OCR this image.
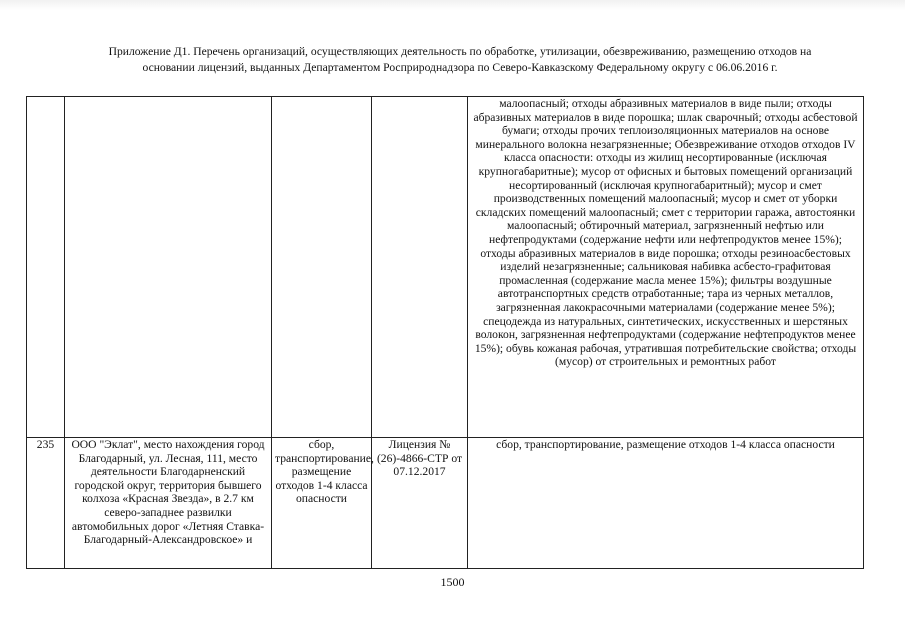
Приложение Д1. Перечень организаций, осуществляющих деятельность по обработке, утилизации, обезвреживанию, размещению отходов на
основании лицензий, выданных Департаментом Росприроднадзора по Северо-Кавказскому Федеральному округу с 06.06.2016 г.
				малоопасный; отходы абразивных материалов в виде пыли; отходы абразивных материалов в виде порошка; шлак сварочный; отходы асбестовой бумаги; отходы прочих теплоизоляционных материалов на основе минерального волокна незагрязненные; Обезвреживание отходов отходов IV класса опасности: отходы из жилищ несортированные (исключая крупногабаритные); мусор от офисных и бытовых помещений организаций несортированный (исключая крупногабаритный); мусор и смет производственных помещений малоопасный; мусор и смет от уборки складских помещений малоопасный; смет с территории гаража, автостоянки малоопасный; обтирочный материал, загрязненный нефтью или нефтепродуктами (содержание нефти или нефтепродуктов менее 15%); отходы абразивных материалов в виде порошка; отходы резиноасбестовых изделий незагрязненные; сальниковая набивка асбесто-графитовая промасленная (содержание масла менее 15%); фильтры воздушные автотранспортных средств отработанные; тара из черных металлов, загрязненная лакокрасочными материалами (содержание менее 5%); спецодежда из натуральных, синтетических, искусственных и шерстяных волокон, загрязненная нефтепродуктами (содержание нефтепродуктов менее 15%); обувь кожаная рабочая, утратившая потребительские свойства; отходы (мусор) от строительных и ремонтных работ
235	ООО "Эклат", место нахождения город Благодарный, ул. Лесная, 111, место деятельности Благодарненский городской округ, территория бывшего колхоза «Красная Звезда», в 2.7 км северо-западнее развилки автомобильных дорог «Летняя Ставка-Благодарный-Александровское» и	сбор, транспортирование, размещение отходов 1-4 класса опасности	Лицензия № (26)-4866-СТР от 07.12.2017	сбор, транспортирование, размещение отходов 1-4 класса опасности
1500
